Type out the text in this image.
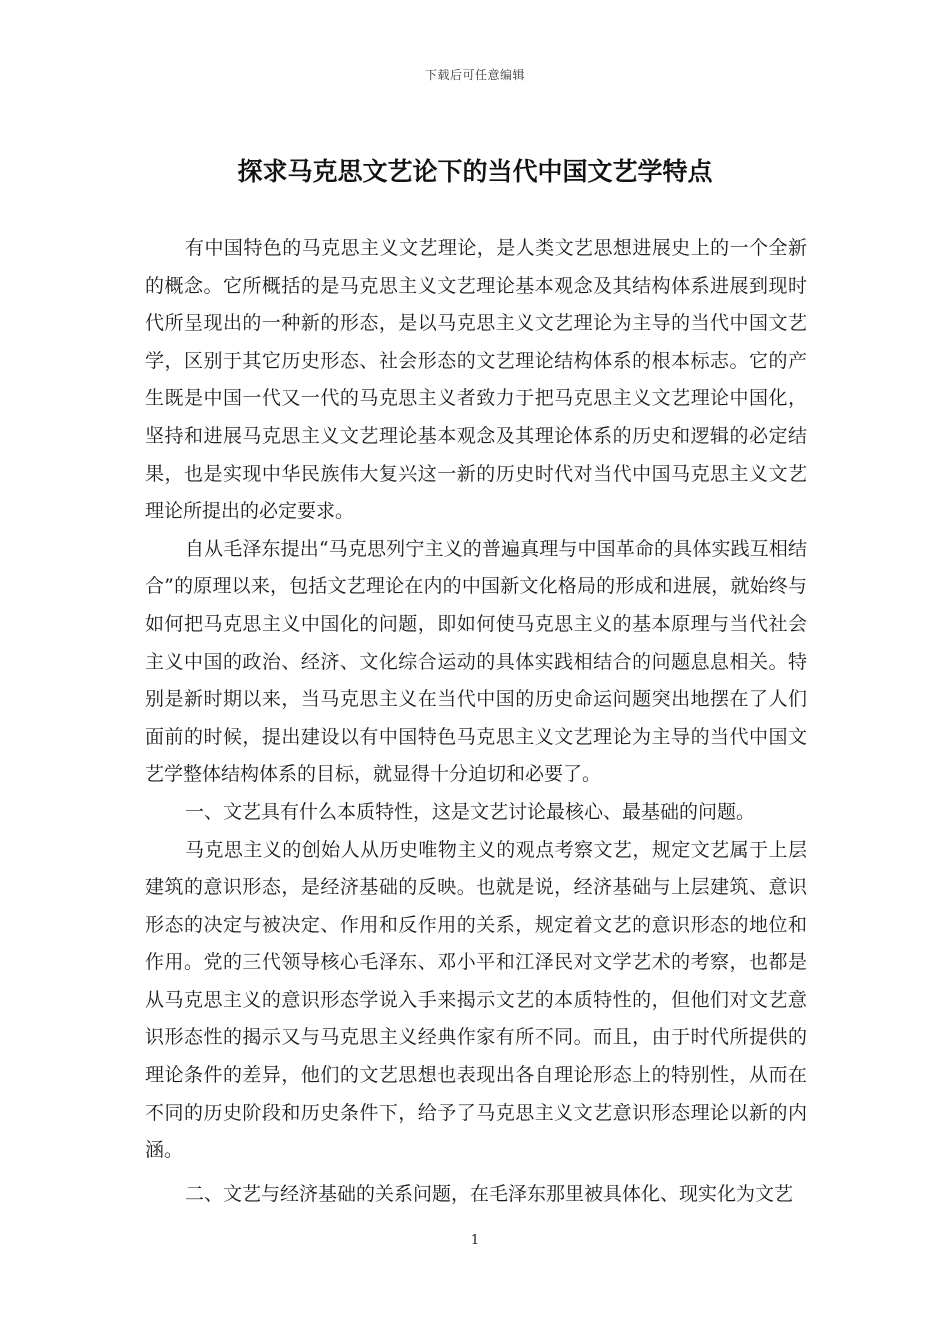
下载后可任意编辑
探求马克思文艺论下的当代中国文艺学特点

有中国特色的马克思主义文艺理论，是人类文艺思想进展史上的一个全新的概念。它所概括的是马克思主义文艺理论基本观念及其结构体系进展到现时代所呈现出的一种新的形态，是以马克思主义文艺理论为主导的当代中国文艺学，区别于其它历史形态、社会形态的文艺理论结构体系的根本标志。它的产生既是中国一代又一代的马克思主义者致力于把马克思主义文艺理论中国化，坚持和进展马克思主义文艺理论基本观念及其理论体系的历史和逻辑的必定结果，也是实现中华民族伟大复兴这一新的历史时代对当代中国马克思主义文艺理论所提出的必定要求。

自从毛泽东提出“马克思列宁主义的普遍真理与中国革命的具体实践互相结合”的原理以来，包括文艺理论在内的中国新文化格局的形成和进展，就始终与如何把马克思主义中国化的问题，即如何使马克思主义的基本原理与当代社会主义中国的政治、经济、文化综合运动的具体实践相结合的问题息息相关。特别是新时期以来，当马克思主义在当代中国的历史命运问题突出地摆在了人们面前的时候，提出建设以有中国特色马克思主义文艺理论为主导的当代中国文艺学整体结构体系的目标，就显得十分迫切和必要了。

一、文艺具有什么本质特性，这是文艺讨论最核心、最基础的问题。

马克思主义的创始人从历史唯物主义的观点考察文艺，规定文艺属于上层建筑的意识形态，是经济基础的反映。也就是说，经济基础与上层建筑、意识形态的决定与被决定、作用和反作用的关系，规定着文艺的意识形态的地位和作用。党的三代领导核心毛泽东、邓小平和江泽民对文学艺术的考察，也都是从马克思主义的意识形态学说入手来揭示文艺的本质特性的，但他们对文艺意识形态性的揭示又与马克思主义经典作家有所不同。而且，由于时代所提供的理论条件的差异，他们的文艺思想也表现出各自理论形态上的特别性，从而在不同的历史阶段和历史条件下，给予了马克思主义文艺意识形态理论以新的内涵。

二、文艺与经济基础的关系问题，在毛泽东那里被具体化、现实化为文艺

1
